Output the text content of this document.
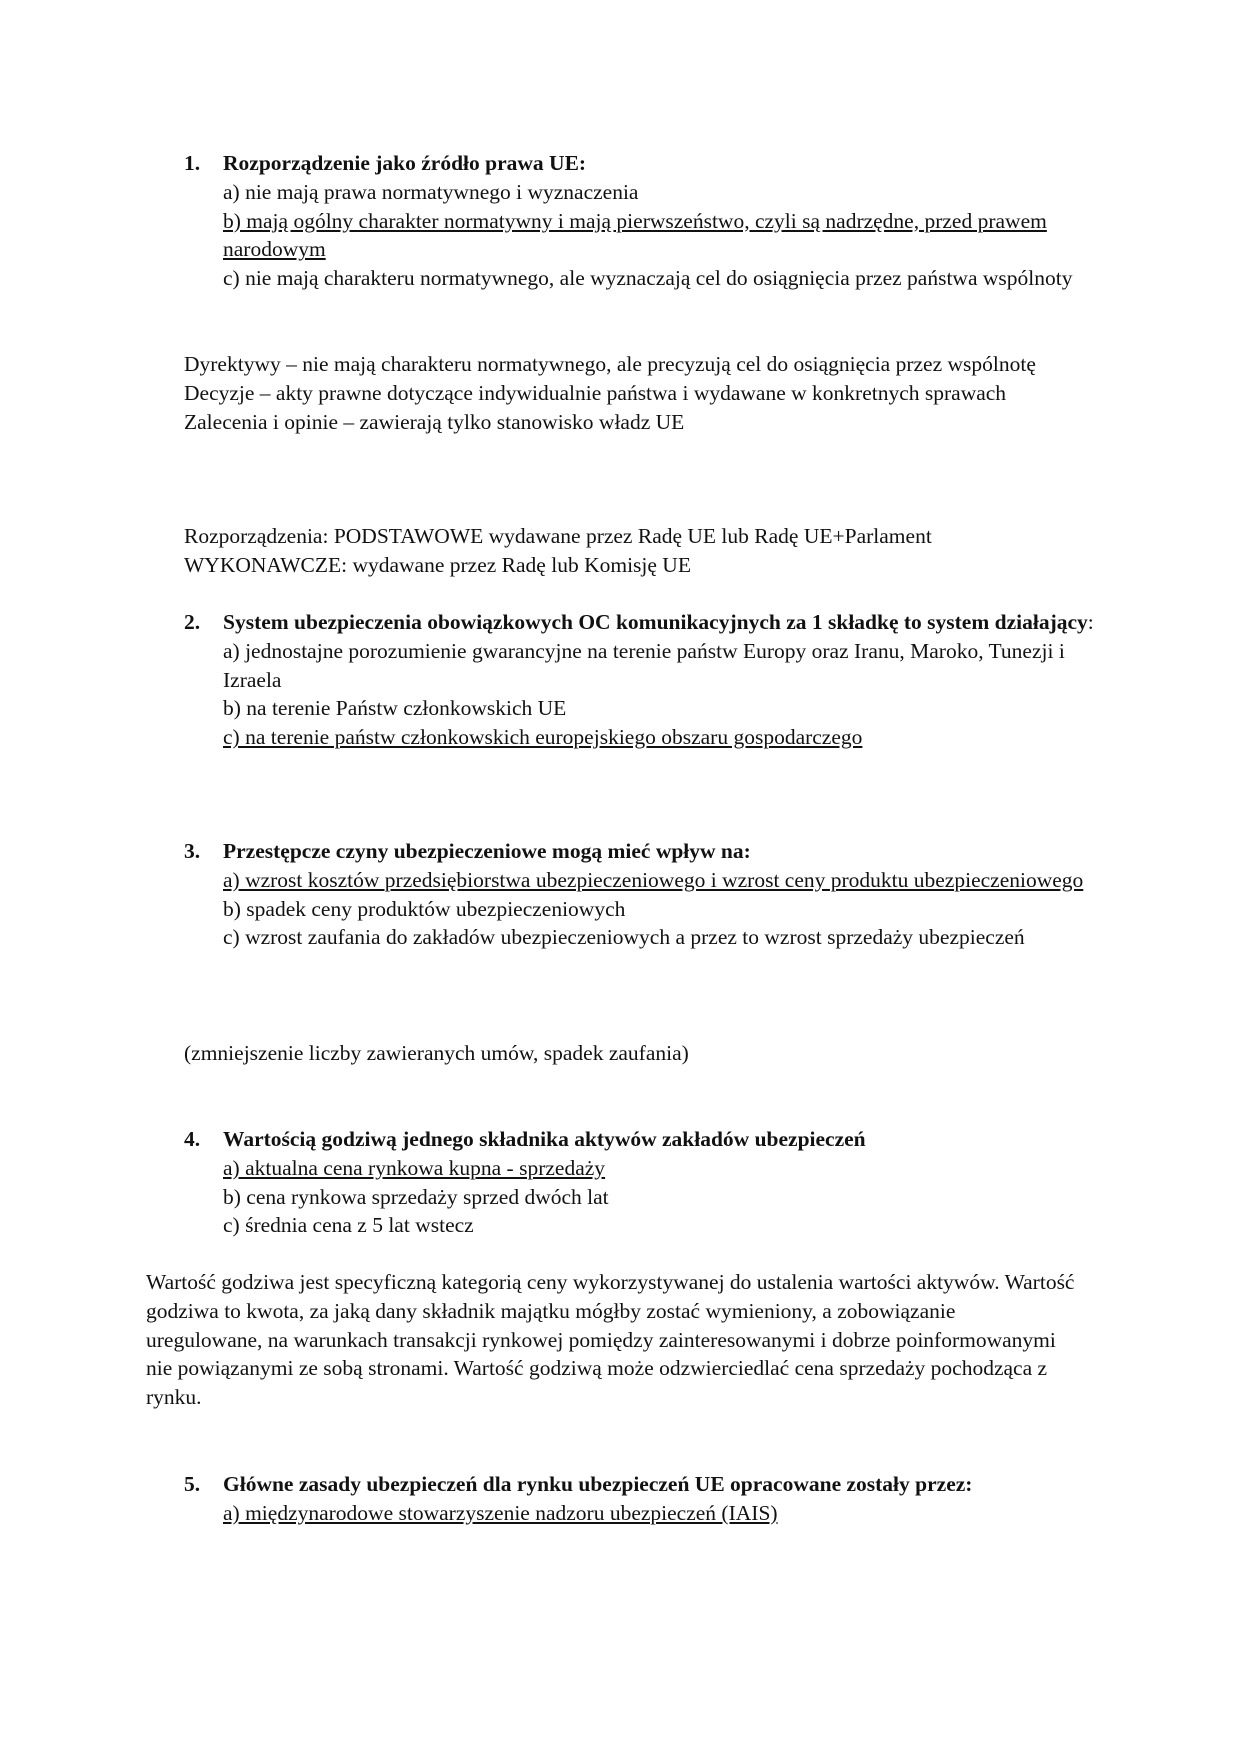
1. Rozporządzenie jako źródło prawa UE:
a) nie mają prawa normatywnego i wyznaczenia
b) mają ogólny charakter normatywny i mają pierwszeństwo, czyli są nadrzędne, przed prawem narodowym
c) nie mają charakteru normatywnego, ale wyznaczają cel do osiągnięcia przez państwa wspólnoty
Dyrektywy – nie mają charakteru normatywnego, ale precyzują cel do osiągnięcia przez wspólnotę
Decyzje – akty prawne dotyczące indywidualnie państwa i wydawane w konkretnych sprawach
Zalecenia i opinie – zawierają tylko stanowisko władz UE
Rozporządzenia: PODSTAWOWE wydawane przez Radę UE lub Radę UE+Parlament
WYKONAWCZE: wydawane przez Radę lub Komisję UE
2. System ubezpieczenia obowiązkowych OC komunikacyjnych za 1 składkę to system działający:
a) jednostajne porozumienie gwarancyjne na terenie państw Europy oraz Iranu, Maroko, Tunezji i Izraela
b) na terenie Państw członkowskich UE
c) na terenie państw członkowskich europejskiego obszaru gospodarczego
3. Przestępcze czyny ubezpieczeniowe mogą mieć wpływ na:
a) wzrost kosztów przedsiębiorstwa ubezpieczeniowego i wzrost ceny produktu ubezpieczeniowego
b) spadek ceny produktów ubezpieczeniowych
c) wzrost zaufania do zakładów ubezpieczeniowych a przez to wzrost sprzedaży ubezpieczeń
(zmniejszenie liczby zawieranych umów, spadek zaufania)
4. Wartością godziwą jednego składnika aktywów zakładów ubezpieczeń
a) aktualna cena rynkowa kupna - sprzedaży
b) cena rynkowa sprzedaży sprzed dwóch lat
c) średnia cena z 5 lat wstecz
Wartość godziwa jest specyficzną kategorią ceny wykorzystywanej do ustalenia wartości aktywów. Wartość godziwa to kwota, za jaką dany składnik majątku mógłby zostać wymieniony, a zobowiązanie uregulowane, na warunkach transakcji rynkowej pomiędzy zainteresowanymi i dobrze poinformowanymi nie powiązanymi ze sobą stronami. Wartość godziwą może odzwierciedlać cena sprzedaży pochodząca z rynku.
5. Główne zasady ubezpieczeń dla rynku ubezpieczeń UE opracowane zostały przez:
a) międzynarodowe stowarzyszenie nadzoru ubezpieczeń (IAIS)
